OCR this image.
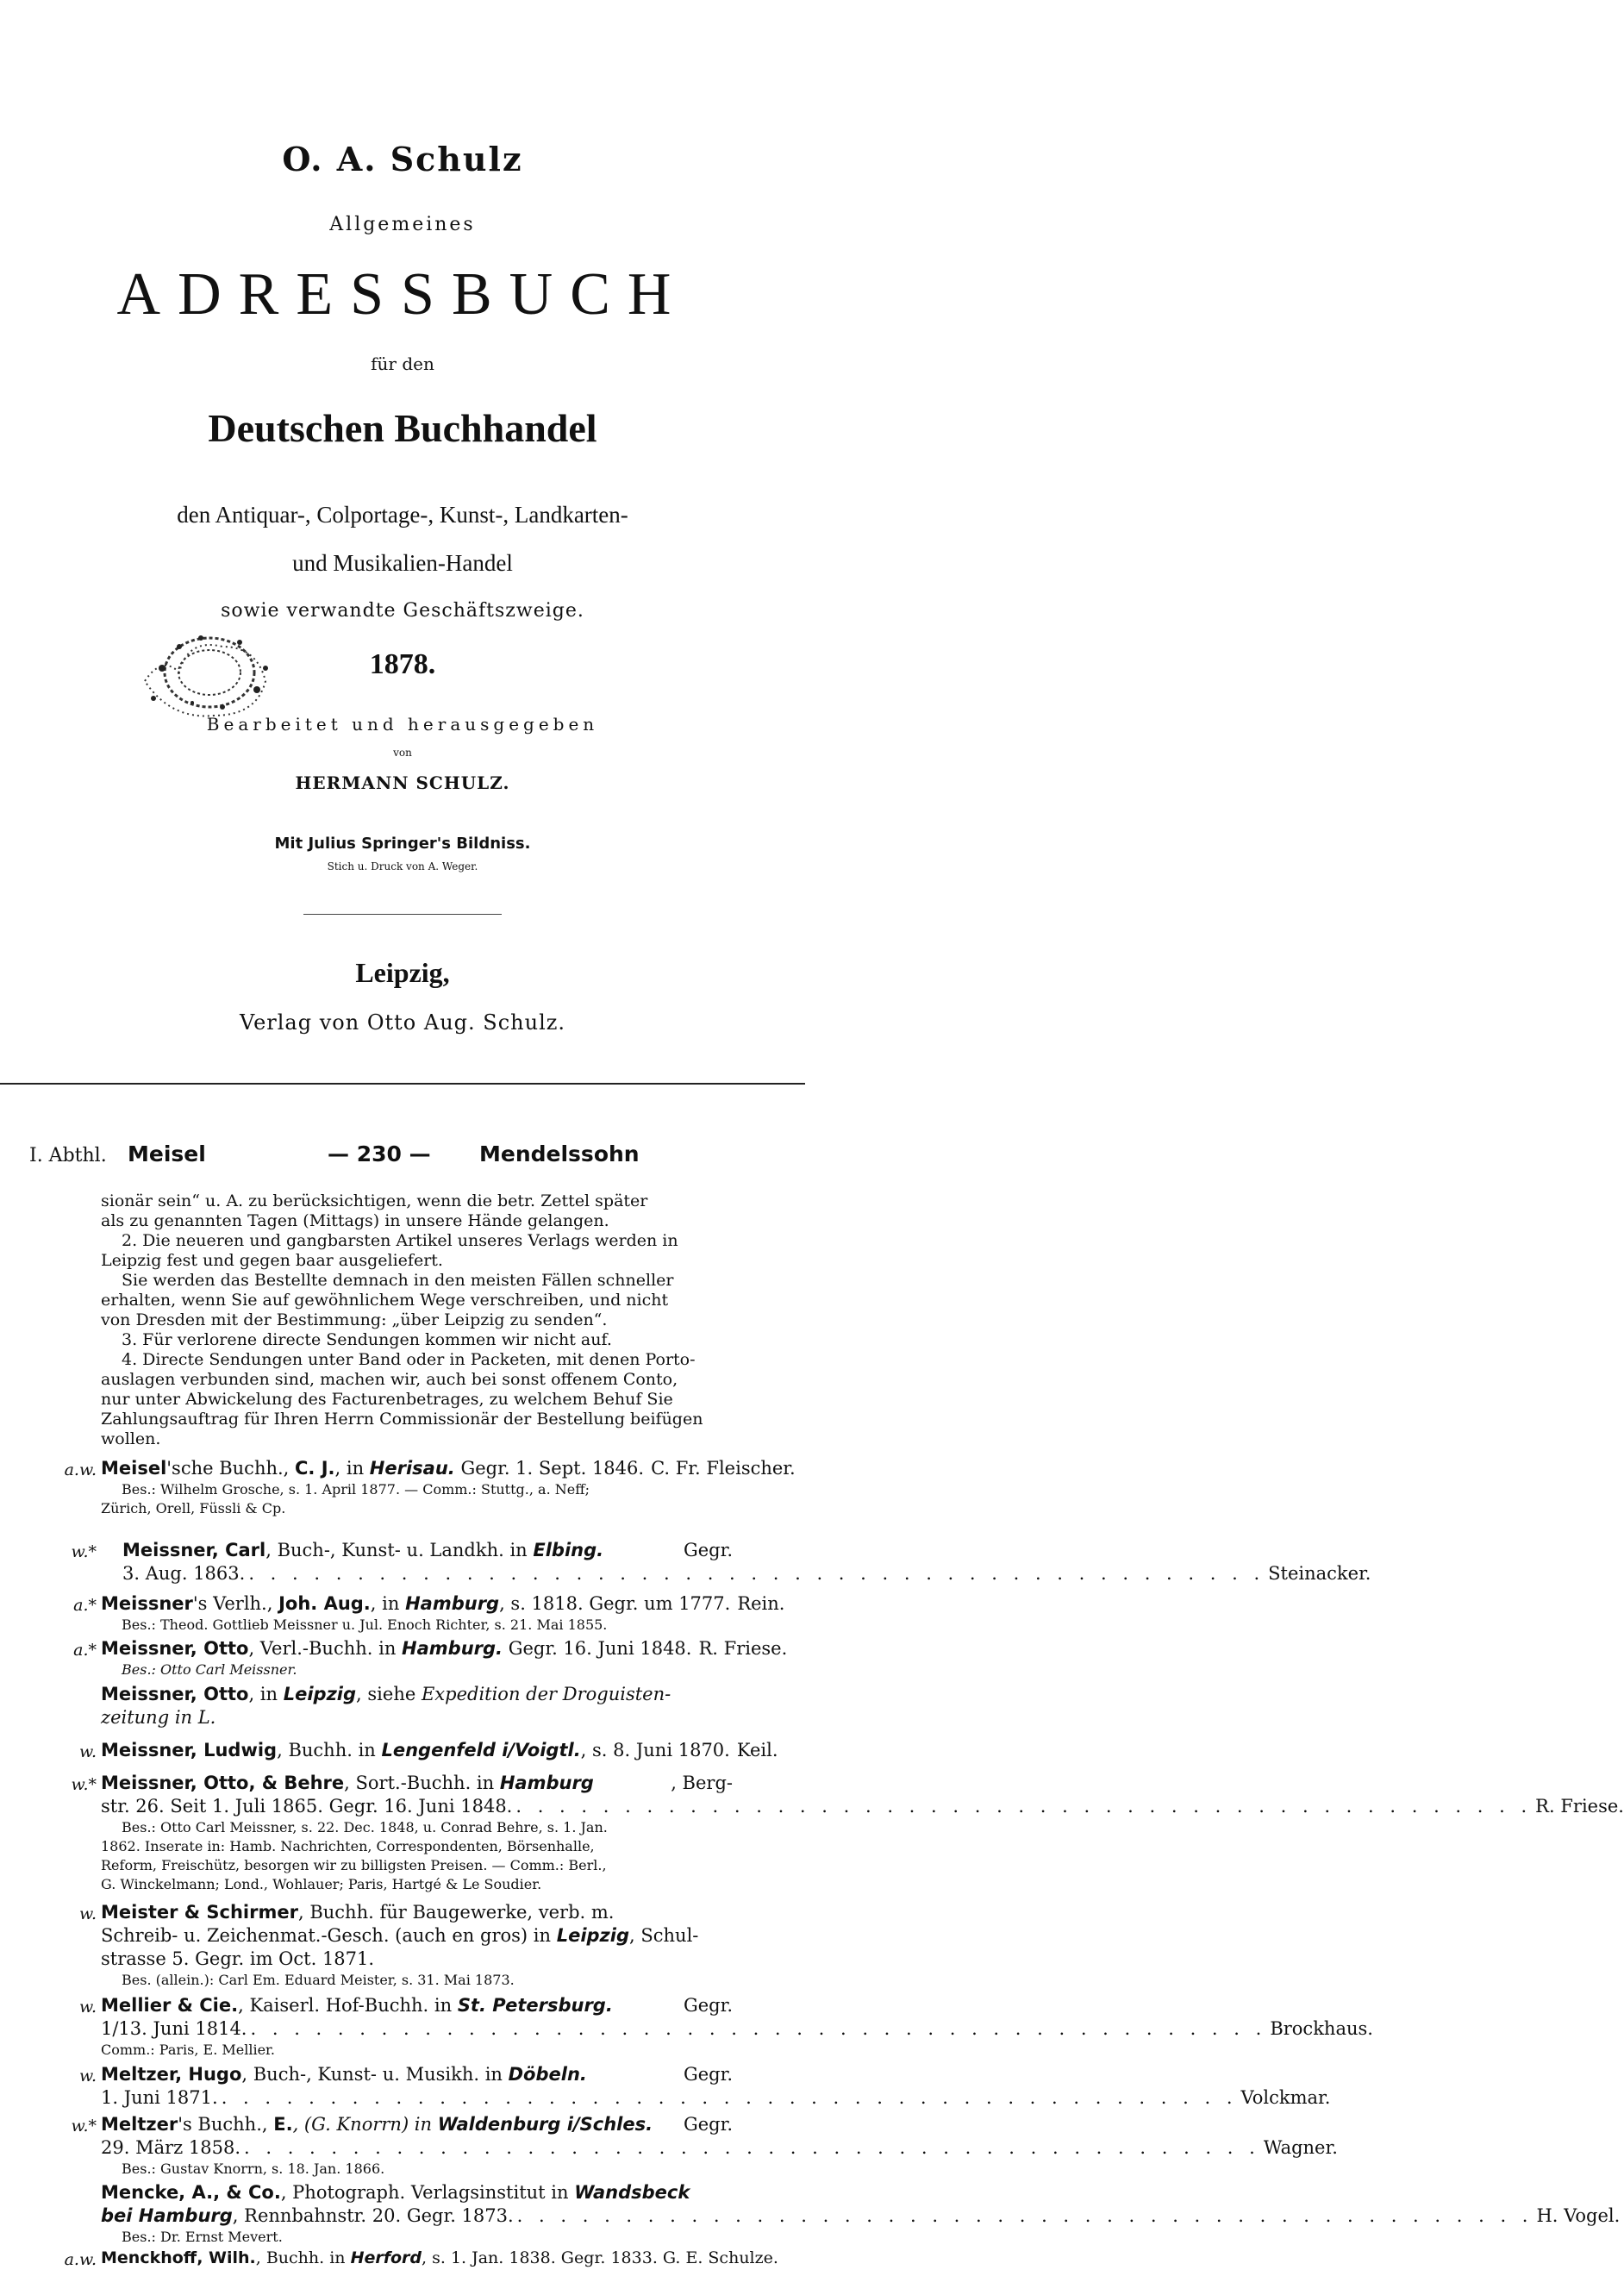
O. A. Schulz
Allgemeines
ADRESSBUCH
für den
Deutschen Buchhandel
den Antiquar-, Colportage-, Kunst-, Landkarten-
und Musikalien-Handel
sowie verwandte Geschäftszweige.
1878.
Bearbeitet und herausgegeben
von
HERMANN SCHULZ.
Mit Julius Springer's Bildniss.
Stich u. Druck von A. Weger.
Leipzig,
Verlag von Otto Aug. Schulz.
I. Abthl. Meisel	— 230 — Mendelssohn
sionär sein“ u. A. zu berücksichtigen, wenn die betr. Zettel später
als zu genannten Tagen (Mittags) in unsere Hände gelangen.
2. Die neueren und gangbarsten Artikel unseres Verlags werden in
Leipzig fest und gegen baar ausgeliefert.
Sie werden das Bestellte demnach in den meisten Fällen schneller
erhalten, wenn Sie auf gewöhnlichem Wege verschreiben, und nicht
von Dresden mit der Bestimmung: „über Leipzig zu senden“.
3. Für verlorene directe Sendungen kommen wir nicht auf.
4. Directe Sendungen unter Band oder in Packeten, mit denen Porto-
auslagen verbunden sind, machen wir, auch bei sonst offenem Conto,
nur unter Abwickelung des Facturenbetrages, zu welchem Behuf Sie
Zahlungsauftrag für Ihren Herrn Commissionär der Bestellung beifügen
wollen.
a.w. Meisel'sche Buchh., C. J., in Herisau. Gegr. 1. Sept. 1846. C. Fr. Fleischer.
Bes.: Wilhelm Grosche, s. 1. April 1877. — Comm.: Stuttg., a. Neff;
Zürich, Orell, Füssli & Cp.
w.* Meissner, Carl, Buch-, Kunst- u. Landkh. in Elbing.	Gegr.
3. Aug. 1863. . . . . . . . . . . . . . . . . . . . . . . . . . . . . . . . . . . . . . . . . . . . . . . . Steinacker.
a.* Meissner's Verlh., Joh. Aug., in Hamburg, s. 1818. Gegr. um 1777. Rein.
Bes.: Theod. Gottlieb Meissner u. Jul. Enoch Richter, s. 21. Mai 1855.
a.* Meissner, Otto, Verl.-Buchh. in Hamburg. Gegr. 16. Juni 1848. R. Friese.
Bes.: Otto Carl Meissner.
Meissner, Otto, in Leipzig, siehe Expedition der Droguisten-
zeitung in L.
w. Meissner, Ludwig, Buchh. in Lengenfeld i/Voigtl., s. 8. Juni 1870. Keil.
w.* Meissner, Otto, & Behre, Sort.-Buchh. in Hamburg	, Berg-
str. 26. Seit 1. Juli 1865. Gegr. 16. Juni 1848. . . . . . . . . . . . . . . . . . . . . . . . . . . . . . . . . . . . . . . . . . . . . . . . R. Friese.
Bes.: Otto Carl Meissner, s. 22. Dec. 1848, u. Conrad Behre, s. 1. Jan.
1862. Inserate in: Hamb. Nachrichten, Correspondenten, Börsenhalle,
Reform, Freischütz, besorgen wir zu billigsten Preisen. — Comm.: Berl.,
G. Winckelmann; Lond., Wohlauer; Paris, Hartgé & Le Soudier.
w. Meister & Schirmer, Buchh. für Baugewerke, verb. m.
Schreib- u. Zeichenmat.-Gesch. (auch en gros) in Leipzig, Schul-
strasse 5. Gegr. im Oct. 1871.
Bes. (allein.): Carl Em. Eduard Meister, s. 31. Mai 1873.
w. Mellier & Cie., Kaiserl. Hof-Buchh. in St. Petersburg.	Gegr.
1/13. Juni 1814. . . . . . . . . . . . . . . . . . . . . . . . . . . . . . . . . . . . . . . . . . . . . . . . Brockhaus.
Comm.: Paris, E. Mellier.
w. Meltzer, Hugo, Buch-, Kunst- u. Musikh. in Döbeln.	Gegr.
1. Juni 1871. . . . . . . . . . . . . . . . . . . . . . . . . . . . . . . . . . . . . . . . . . . . . . . . Volckmar.
w.* Meltzer's Buchh., E., (G. Knorrn) in Waldenburg i/Schles. Gegr.
29. März 1858. . . . . . . . . . . . . . . . . . . . . . . . . . . . . . . . . . . . . . . . . . . . . . . . Wagner.
Bes.: Gustav Knorrn, s. 18. Jan. 1866.
Mencke, A., & Co., Photograph. Verlagsinstitut in Wandsbeck
bei Hamburg, Rennbahnstr. 20. Gegr. 1873. . . . . . . . . . . . . . . . . . . . . . . . . . . . . . . . . . . . . . . . . . . . . . . . H. Vogel.
Bes.: Dr. Ernst Mevert.
a.w. Menckhoff, Wilh., Buchh. in Herford, s. 1. Jan. 1838. Gegr. 1833. G. E. Schulze.
